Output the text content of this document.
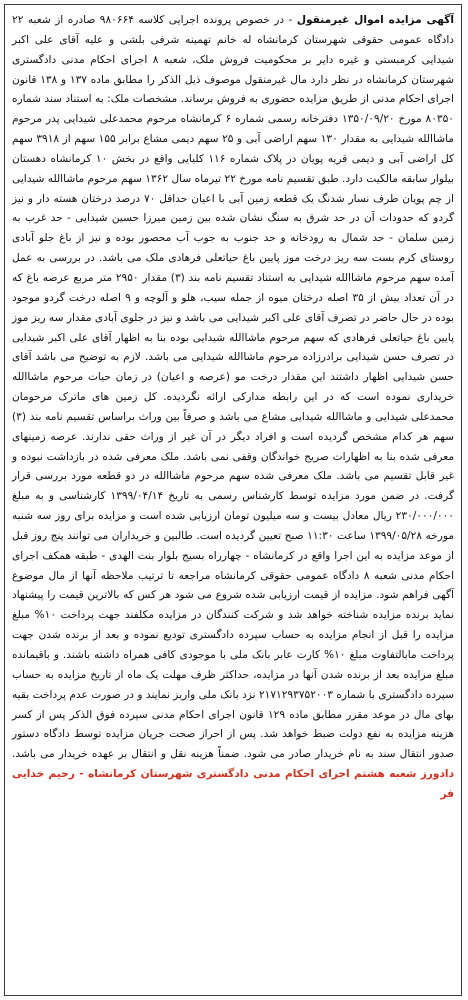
آگهی مزایده اموال غیرمنقول - در خصوص پرونده اجرایی کلاسه ۹۸۰۶۶۴ صادره از شعبه ۲۲ دادگاه عمومی حقوقی شهرستان کرمانشاه له خانم تهمینه شرفی بلشی و علیه آقای علی اکبر شیدایی کرمبستی و غیره دایر بر محکومیت فروش ملک، شعبه ۸ اجرای احکام مدنی دادگستری شهرستان کرمانشاه در نظر دارد مال غیرمنقول موصوف ذیل الذکر را مطابق ماده ۱۳۷ و ۱۳۸ قانون اجرای احکام مدنی از طریق مزایده حضوری به فروش برساند. مشخصات ملک: به استناد سند شماره ۸۰۳۵۰ مورخ ۱۳۵۰/۰۹/۲۰ دفترخانه رسمی شماره ۶ کرمانشاه مرحوم محمدعلی شیدایی پدر مرحوم ماشاالله شیدایی به مقدار ۱۳۰ سهم اراضی آبی و ۲۵ سهم دیمی مشاع برابر ۱۵۵ سهم از ۳۹۱۸ سهم کل اراضی آبی و دیمی قریه پویان در پلاک شماره ۱۱۶ کلیایی واقع در بخش ۱۰ کرمانشاه دهستان بیلوار سابقه مالکیت دارد. طبق تقسیم نامه مورخ ۲۲ تیرماه سال ۱۳۶۲ سهم مرحوم ماشاالله شیدایی از چم پویان طرف نسار شدنگ یک قطعه زمین آبی با اعیان حداقل ۷۰ درصد درختان هسته دار و نیز گردو که حدودات آن در حد شرق به سنگ نشان شده بین زمین میرزا حسین شیدایی - حد غرب به زمین سلمان - حد شمال به رودخانه و حد جنوب به جوب آب محصور بوده و نیز از باغ جلو آبادی روستای کرم بست سه ریز درخت موز پایین باغ حیاتعلی فرهادی ملک می باشد. در بررسی به عمل آمده سهم مرحوم ماشاالله شیدایی به استناد تقسیم نامه بند (۳) مقدار ۲۹۵۰ متر مربع عرصه باغ که در آن تعداد بیش از ۳۵ اصله درختان میوه از جمله سیب، هلو و آلوچه و ۹ اصله درخت گردو موجود بوده در حال حاضر در تصرف آقای علی اکبر شیدایی می باشد و نیز در جلوی آبادی مقدار سه ریز موز پایین باغ حیاتعلی فرهادی که سهم مرحوم ماشاالله شیدایی بوده بنا به اظهار آقای علی اکبر شیدایی در تصرف حسن شیدایی برادرزاده مرحوم ماشاالله شیدایی می باشد. لازم به توضیح می باشد آقای حسن شیدایی اظهار داشتند این مقدار درخت مو (عرصه و اعیان) در زمان حیات مرحوم ماشاالله خریداری نموده است که در این رابطه مدارکی ارائه نگردیده. کل زمین های ماترک مرحومان محمدعلی شیدایی و ماشاالله شیدایی مشاع می باشد و صرفاً بین وراث براساس تقسیم نامه بند (۳) سهم هر کدام مشخص گردیده است و افراد دیگر در آن غیر از وراث حقی ندارند. عرصه زمینهای معرفی شده بنا به اظهارات صریح خواندگان وقفی نمی باشد. ملک معرفی شده در بازداشت نبوده و غیر قابل تقسیم می باشد. ملک معرفی شده سهم مرحوم ماشاالله در دو قطعه مورد بررسی قرار گرفت. در ضمن مورد مزایده توسط کارشناس رسمی به تاریخ ۱۳۹۹/۰۴/۱۴ کارشناسی و به مبلغ ۲۳۰/۰۰۰/۰۰۰ ریال معادل بیست و سه میلیون تومان ارزیابی شده است و مزایده برای روز سه شنبه مورخه ۱۳۹۹/۰۵/۲۸ ساعت ۱۱:۳۰ صبح تعیین گردیده است. طالبین و خریداران می توانند پنج روز قبل از موعد مزایده به این اجرا واقع در کرمانشاه - چهارراه بسیج بلوار بنت الهدی - طبقه همکف اجرای احکام مدنی شعبه ۸ دادگاه عمومی حقوقی کرمانشاه مراجعه تا ترتیب ملاحظه آنها از مال موضوع آگهی فراهم شود. مزایده از قیمت ارزیابی شده شروع می شود هر کس که بالاترین قیمت را پیشنهاد نماید برنده مزایده شناخته خواهد شد و شرکت کنندگان در مزایده مکلفند جهت پرداخت ۱۰% مبلغ مزایده را قبل از انجام مزایده به حساب سپرده دادگستری تودیع نموده و بعد از برنده شدن جهت پرداخت مابالتفاوت مبلغ ۱۰% کارت عابر بانک ملی با موجودی کافی همراه داشته باشند. و باقیمانده مبلغ مزایده بعد از برنده شدن آنها در مزایده، حداکثر ظرف مهلت یک ماه از تاریخ مزایده به حساب سپرده دادگستری با شماره ۲۱۷۱۲۹۳۷۵۲۰۰۳ نزد بانک ملی واریز نمایند و در صورت عدم پرداخت بقیه بهای مال در موعد مقرر مطابق ماده ۱۲۹ قانون اجرای احکام مدنی سپرده فوق الذکر پس از کسر هزینه مزایده به نفع دولت ضبط خواهد شد. پس از احراز صحت جریان مزایده توسط دادگاه دستور صدور انتقال سند به نام خریدار صادر می شود. ضمناً هزینه نقل و انتقال بر عهده خریدار می باشد. دادورز شعبه هشتم اجرای احکام مدنی دادگستری شهرستان کرمانشاه - رحیم خدایی فر
